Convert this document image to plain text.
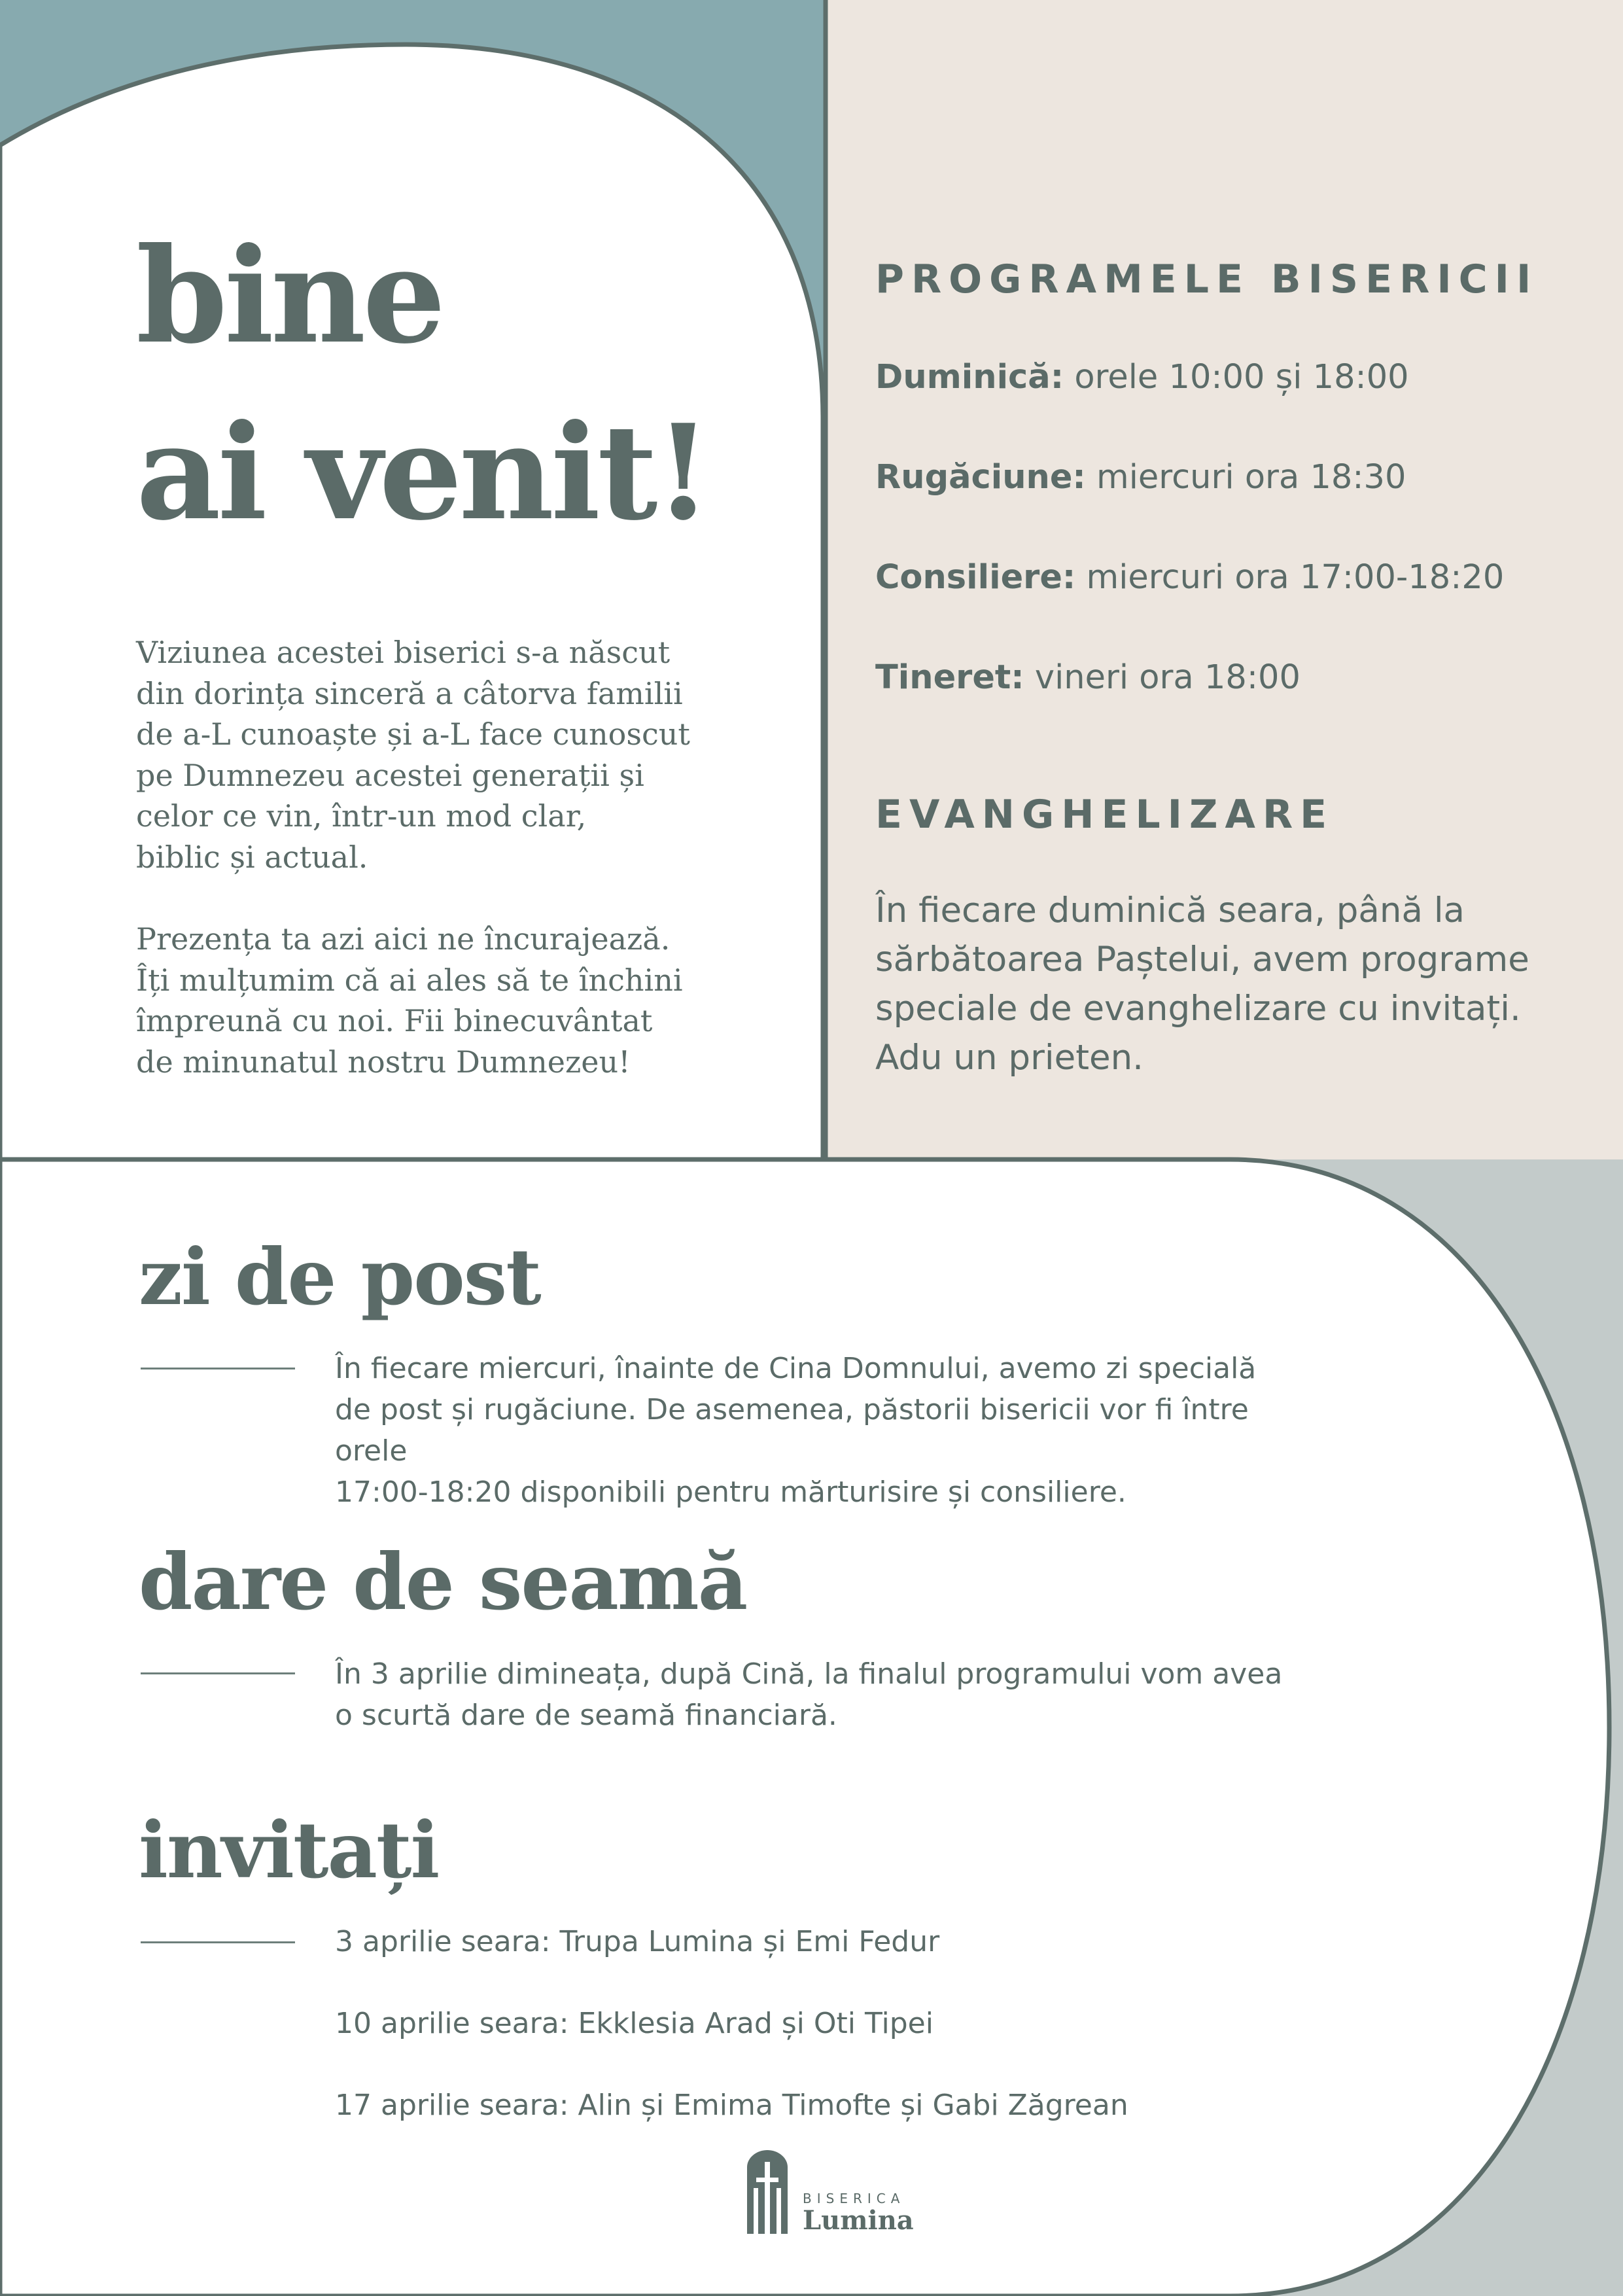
bine
ai venit!

Viziunea acestei biserici s-a născut
din dorința sinceră a câtorva familii
de a-L cunoaște și a-L face cunoscut
pe Dumnezeu acestei generații și
celor ce vin, într-un mod clar,
biblic și actual.

Prezența ta azi aici ne încurajează.
Îți mulțumim că ai ales să te închini
împreună cu noi. Fii binecuvântat
de minunatul nostru Dumnezeu!

PROGRAMELE BISERICII
Duminică: orele 10:00 și 18:00
Rugăciune: miercuri ora 18:30
Consiliere: miercuri ora 17:00-18:20
Tineret: vineri ora 18:00
EVANGHELIZARE

În fiecare duminică seara, până la
sărbătoarea Paștelui, avem programe
speciale de evanghelizare cu invitați.
Adu un prieten.

zi de post

În fiecare miercuri, înainte de Cina Domnului, avemo zi specială
de post și rugăciune. De asemenea, păstorii bisericii vor fi între orele
17:00-18:20 disponibili pentru mărturisire și consiliere.

dare de seamă

În 3 aprilie dimineața, după Cină, la finalul programului vom avea
o scurtă dare de seamă financiară.

invitați
3 aprilie seara: Trupa Lumina și Emi Fedur
10 aprilie seara: Ekklesia Arad și Oti Tipei
17 aprilie seara: Alin și Emima Timofte și Gabi Zăgrean

BISERICA

Lumina
